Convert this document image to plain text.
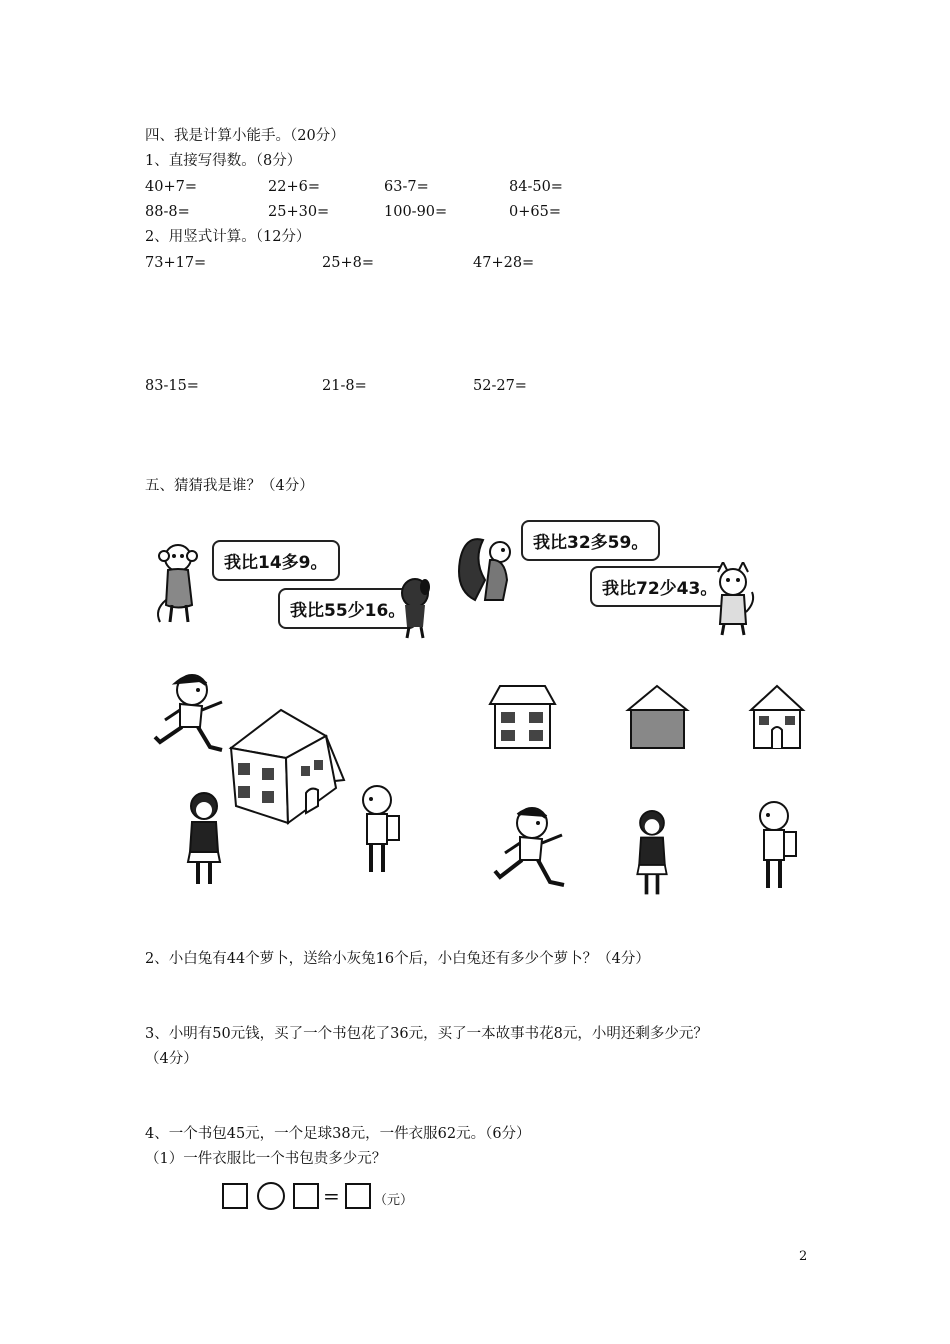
四、我是计算小能手。（20分）
1、直接写得数。（8分）
40+7=	22+6=	63-7=	84-50=
88-8=	25+30=	100-90=	0+65=
2、用竖式计算。（12分）
73+17=	25+8=	47+28=
83-15=	21-8=	52-27=
五、猜猜我是谁？（4分）
我比14多9。
我比55少16。
我比32多59。
我比72少43。
2、小白兔有44个萝卜，送给小灰兔16个后，小白兔还有多少个萝卜？（4分）
3、小明有50元钱，买了一个书包花了36元，买了一本故事书花8元，小明还剩多少元？
（4分）
4、一个书包45元，一个足球38元，一件衣服62元。（6分）
（1）一件衣服比一个书包贵多少元？
=	（元）
2
